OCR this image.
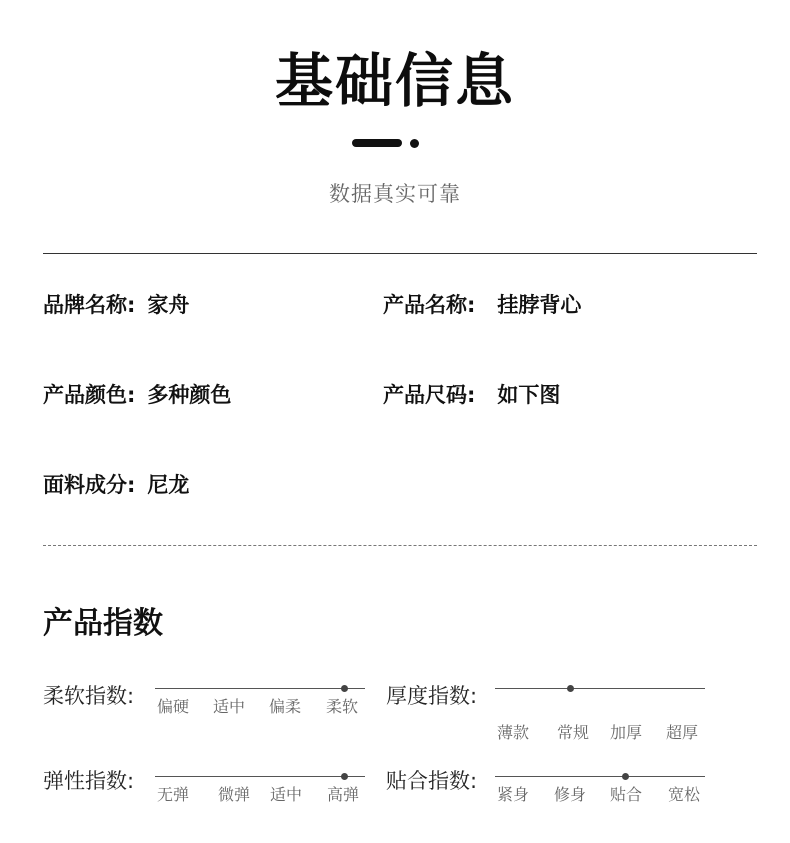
基础信息
数据真实可靠
品牌名称: 家舟	产品名称: 挂脖背心
产品颜色: 多种颜色	产品尺码: 如下图
面料成分: 尼龙
产品指数
柔软指数: 偏硬 适中 偏柔 柔软 厚度指数:
薄款 常规 加厚 超厚
弹性指数:
无弹 微弹 适中 高弹
贴合指数:
紧身 修身 贴合 宽松
